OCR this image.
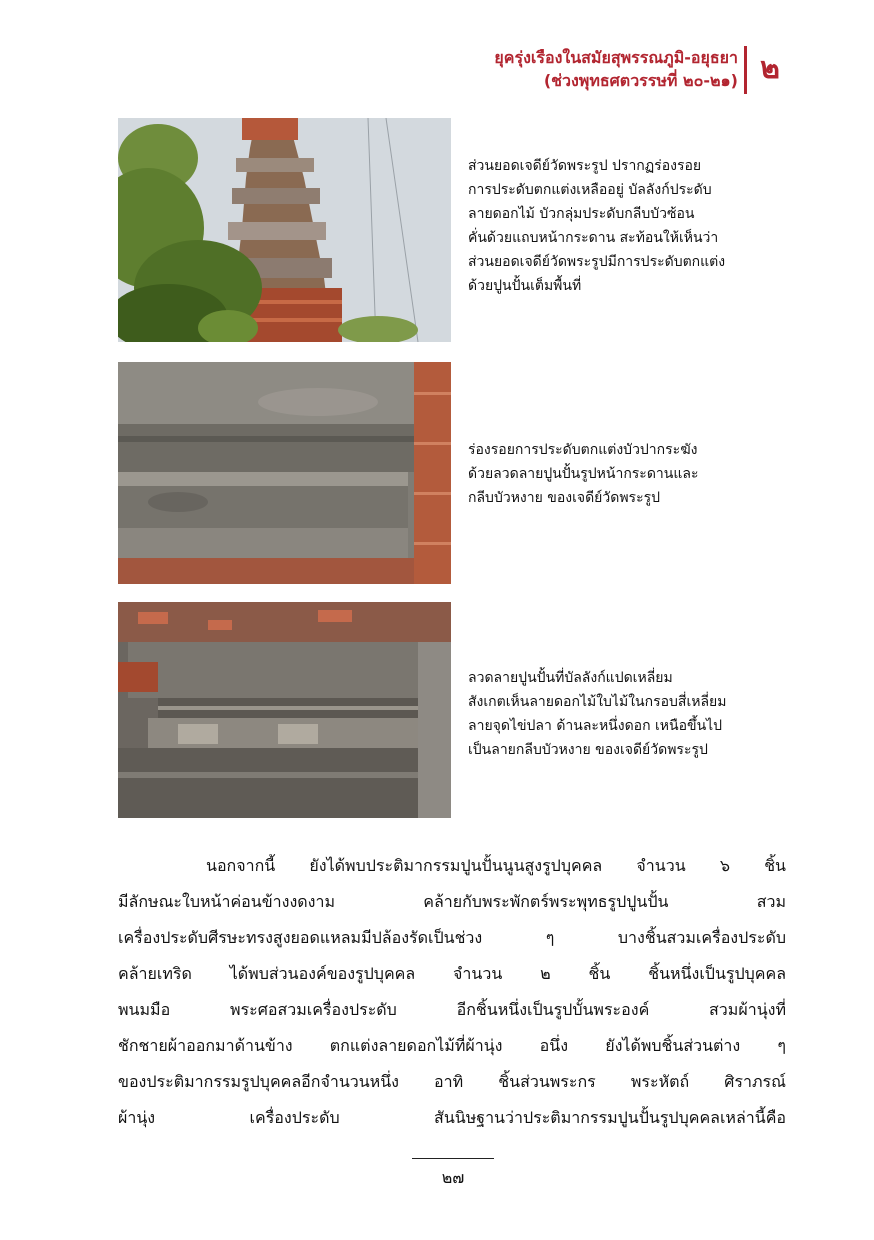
ยุครุ่งเรืองในสมัยสุพรรณภูมิ-อยุธยา
(ช่วงพุทธศตวรรษที่ ๒๐-๒๑) ๒
ส่วนยอดเจดีย์วัดพระรูป ปรากฏร่องรอย
การประดับตกแต่งเหลืออยู่ บัลลังก์ประดับ
ลายดอกไม้ บัวกลุ่มประดับกลีบบัวซ้อน
คั่นด้วยแถบหน้ากระดาน สะท้อนให้เห็นว่า
ส่วนยอดเจดีย์วัดพระรูปมีการประดับตกแต่ง
ด้วยปูนปั้นเต็มพื้นที่
ร่องรอยการประดับตกแต่งบัวปากระฆัง
ด้วยลวดลายปูนปั้นรูปหน้ากระดานและ
กลีบบัวหงาย ของเจดีย์วัดพระรูป
ลวดลายปูนปั้นที่บัลลังก์แปดเหลี่ยม
สังเกตเห็นลายดอกไม้ใบไม้ในกรอบสี่เหลี่ยม
ลายจุดไข่ปลา ด้านละหนึ่งดอก เหนือขึ้นไป
เป็นลายกลีบบัวหงาย ของเจดีย์วัดพระรูป
นอกจากนี้ ยังได้พบประติมากรรมปูนปั้นนูนสูงรูปบุคคล จำนวน ๖ ชิ้น
มีลักษณะใบหน้าค่อนข้างงดงาม คล้ายกับพระพักตร์พระพุทธรูปปูนปั้น สวม
เครื่องประดับศีรษะทรงสูงยอดแหลมมีปล้องรัดเป็นช่วง ๆ บางชิ้นสวมเครื่องประดับ
คล้ายเทริด ได้พบส่วนองค์ของรูปบุคคล จำนวน ๒ ชิ้น ชิ้นหนึ่งเป็นรูปบุคคล
พนมมือ พระศอสวมเครื่องประดับ อีกชิ้นหนึ่งเป็นรูปบั้นพระองค์ สวมผ้านุ่งที่
ชักชายผ้าออกมาด้านข้าง ตกแต่งลายดอกไม้ที่ผ้านุ่ง อนึ่ง ยังได้พบชิ้นส่วนต่าง ๆ
ของประติมากรรมรูปบุคคลอีกจำนวนหนึ่ง อาทิ ชิ้นส่วนพระกร พระหัตถ์ ศิราภรณ์
ผ้านุ่ง เครื่องประดับ สันนิษฐานว่าประติมากรรมปูนปั้นรูปบุคคลเหล่านี้คือ
๒๗
